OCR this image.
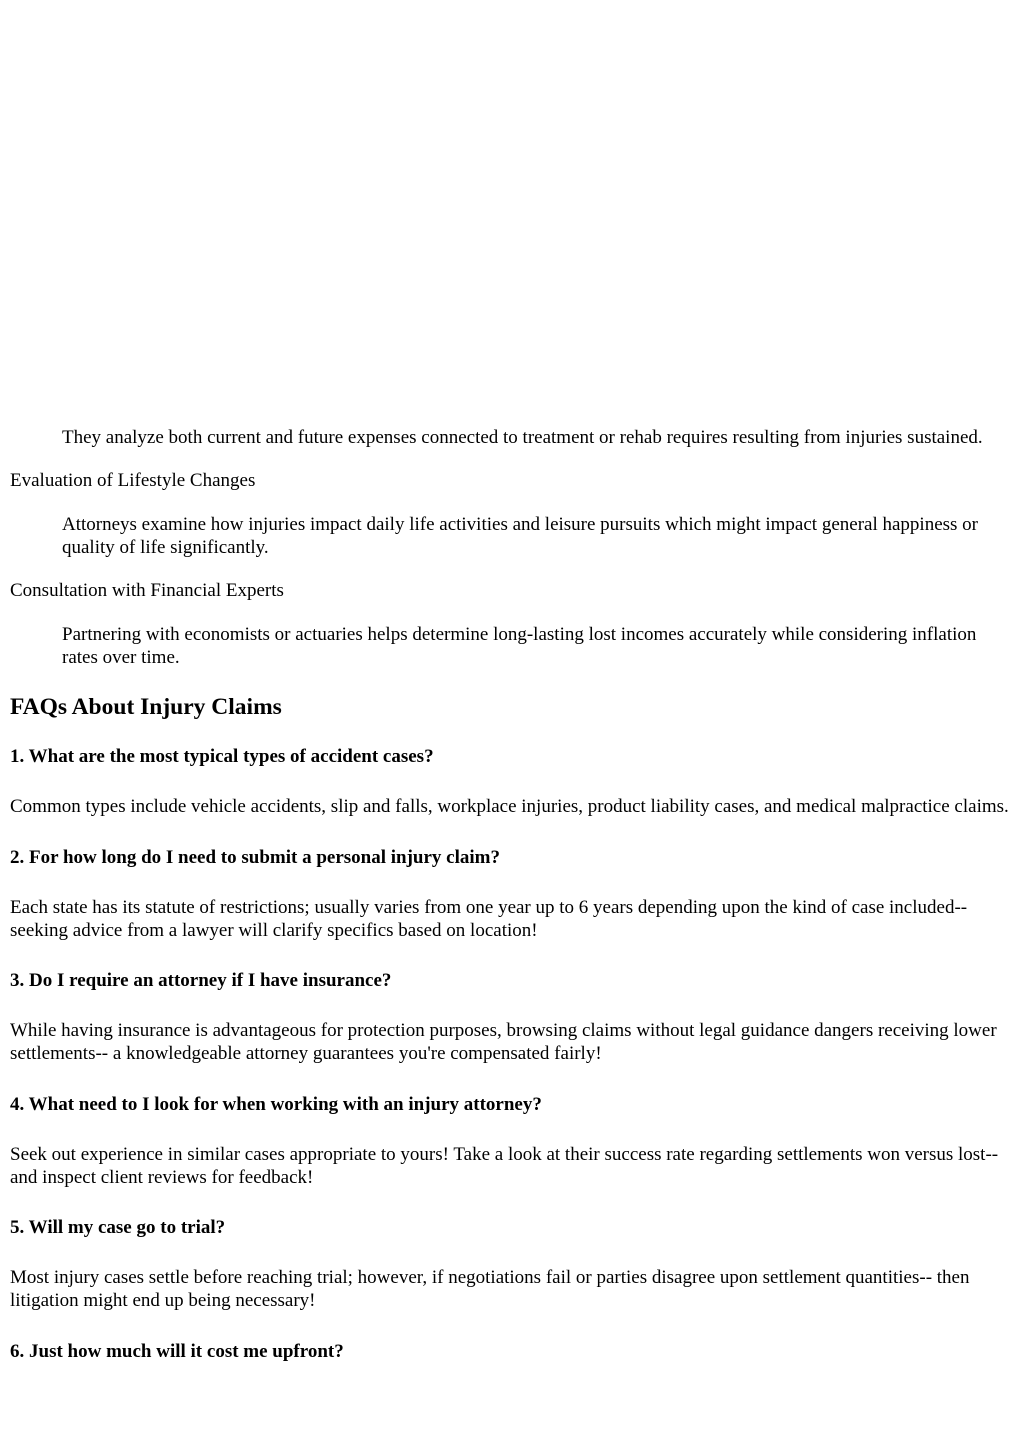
They analyze both current and future expenses connected to treatment or rehab requires resulting from injuries sustained.

Evaluation of Lifestyle Changes

Attorneys examine how injuries impact daily life activities and leisure pursuits which might impact general happiness or quality of life significantly.

Consultation with Financial Experts

Partnering with economists or actuaries helps determine long-lasting lost incomes accurately while considering inflation rates over time.

FAQs About Injury Claims
1. What are the most typical types of accident cases?

Common types include vehicle accidents, slip and falls, workplace injuries, product liability cases, and medical malpractice claims.

2. For how long do I need to submit a personal injury claim?

Each state has its statute of restrictions; usually varies from one year up to 6 years depending upon the kind of case included-- seeking advice from a lawyer will clarify specifics based on location!

3. Do I require an attorney if I have insurance?

While having insurance is advantageous for protection purposes, browsing claims without legal guidance dangers receiving lower settlements-- a knowledgeable attorney guarantees you're compensated fairly!

4. What need to I look for when working with an injury attorney?

Seek out experience in similar cases appropriate to yours! Take a look at their success rate regarding settlements won versus lost-- and inspect client reviews for feedback!

5. Will my case go to trial?

Most injury cases settle before reaching trial; however, if negotiations fail or parties disagree upon settlement quantities-- then litigation might end up being necessary!

6. Just how much will it cost me upfront?
